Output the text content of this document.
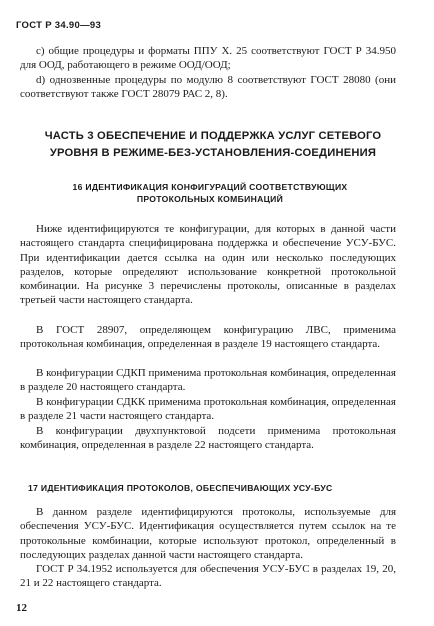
ГОСТ Р 34.90—93

с) общие процедуры и форматы ППУ Х. 25 соответствуют ГОСТ Р 34.950 для ООД, работающего в режиме ООД/ООД;

d) однозвенные процедуры по модулю 8 соответствуют ГОСТ 28080 (они соответствуют также ГОСТ 28079 РАС 2, 8).

ЧАСТЬ 3 ОБЕСПЕЧЕНИЕ И ПОДДЕРЖКА УСЛУГ СЕТЕВОГО
УРОВНЯ В РЕЖИМЕ-БЕЗ-УСТАНОВЛЕНИЯ-СОЕДИНЕНИЯ
16 ИДЕНТИФИКАЦИЯ КОНФИГУРАЦИЙ СООТВЕТСТВУЮЩИХ
ПРОТОКОЛЬНЫХ КОМБИНАЦИЙ

Ниже идентифицируются те конфигурации, для которых в данной части настоящего стандарта специфицирована поддержка и обеспечение УСУ-БУС. При идентификации дается ссылка на один или несколько последующих разделов, которые определяют использование конкретной протокольной комбинации. На рисунке 3 перечислены протоколы, описанные в разделах третьей части настоящего стандарта.

В ГОСТ 28907, определяющем конфигурацию ЛВС, применима протокольная комбинация, определенная в разделе 19 настоящего стандарта.

В конфигурации СДКП применима протокольная комбинация, определенная в разделе 20 настоящего стандарта.

В конфигурации СДКК применима протокольная комбинация, определенная в разделе 21 части настоящего стандарта.

В конфигурации двухпунктовой подсети применима протокольная комбинация, определенная в разделе 22 настоящего стандарта.

17 ИДЕНТИФИКАЦИЯ ПРОТОКОЛОВ, ОБЕСПЕЧИВАЮЩИХ УСУ-БУС

В данном разделе идентифицируются протоколы, используемые для обеспечения УСУ-БУС. Идентификация осуществляется путем ссылок на те протокольные комбинации, которые используют протокол, определенный в последующих разделах данной части настоящего стандарта.

ГОСТ Р 34.1952 используется для обеспечения УСУ-БУС в разделах 19, 20, 21 и 22 настоящего стандарта.

12
